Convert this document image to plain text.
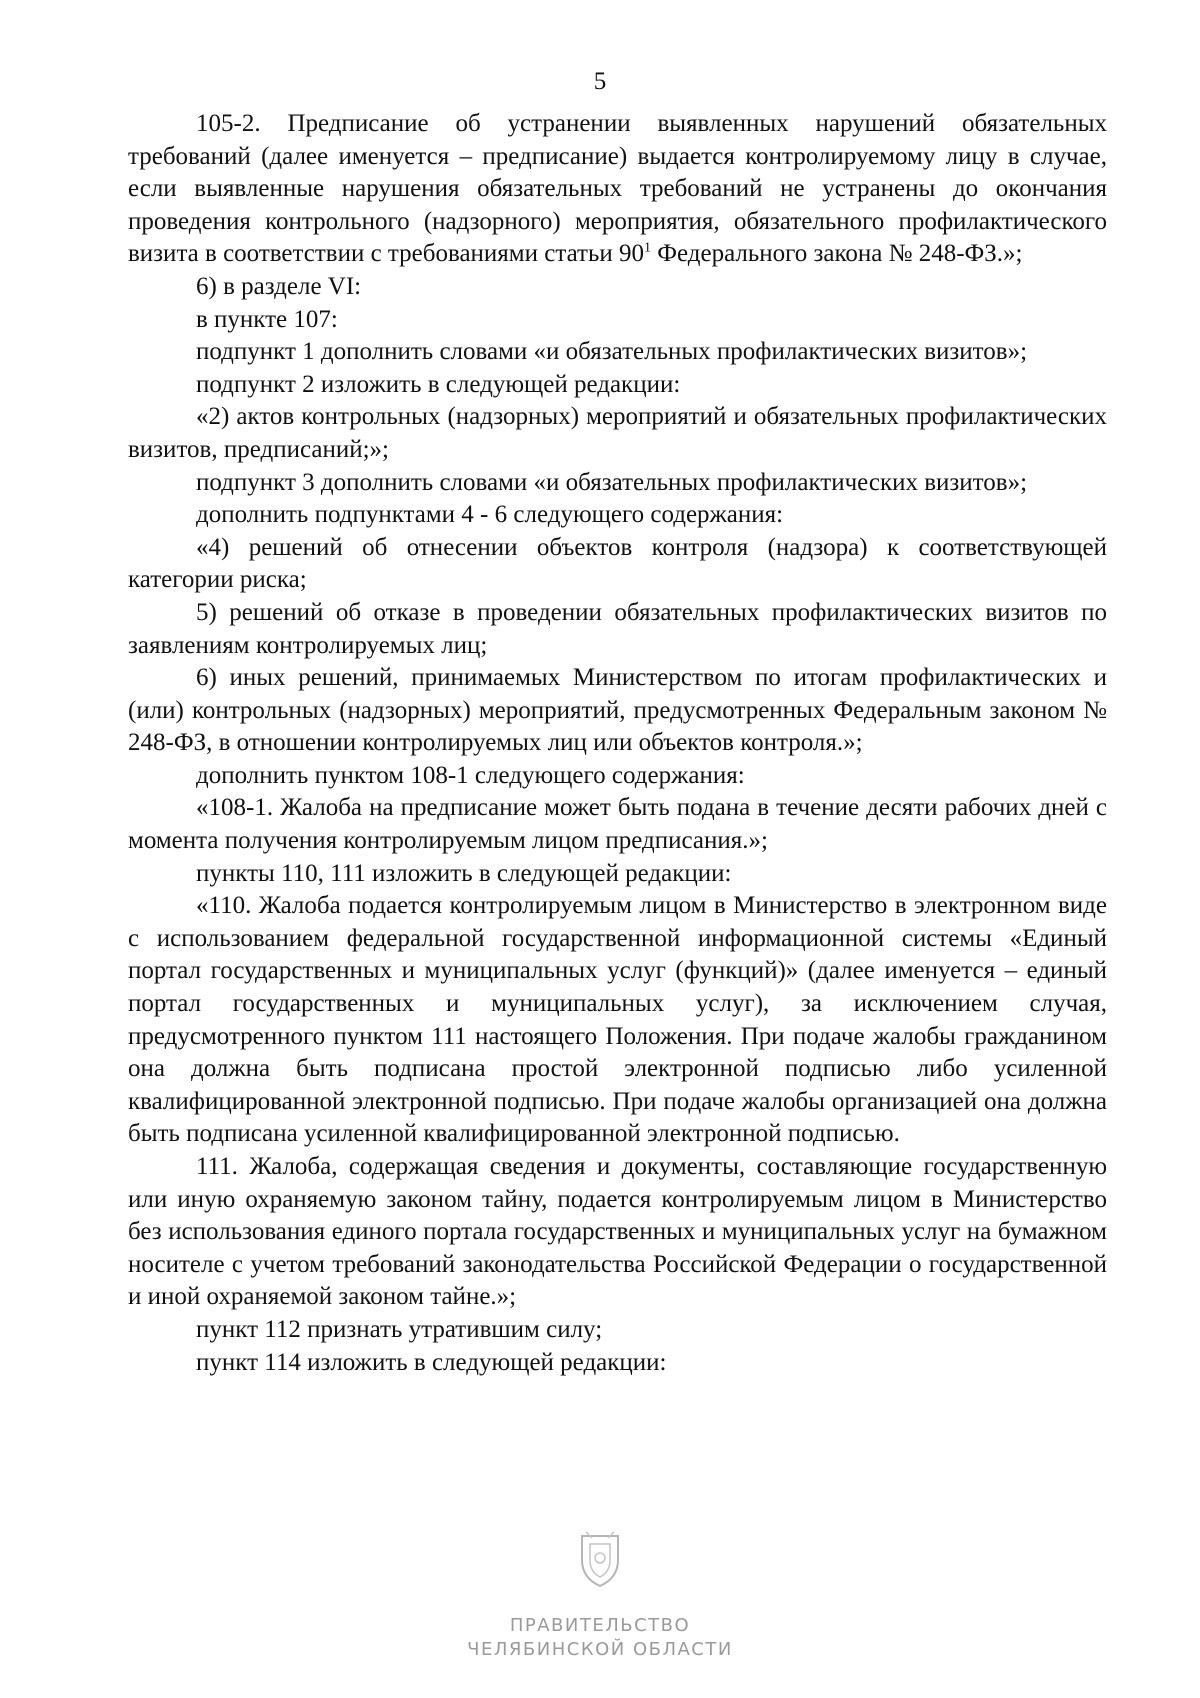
5

105-2. Предписание об устранении выявленных нарушений обязательных требований (далее именуется – предписание) выдается контролируемому лицу в случае, если выявленные нарушения обязательных требований не устранены до окончания проведения контрольного (надзорного) мероприятия, обязательного профилактического визита в соответствии с требованиями статьи $90^1$ Федерального закона № 248-ФЗ.»;

6) в разделе VI:

в пункте 107:

подпункт 1 дополнить словами «и обязательных профилактических визитов»;

подпункт 2 изложить в следующей редакции:

«2) актов контрольных (надзорных) мероприятий и обязательных профилактических визитов, предписаний;»;

подпункт 3 дополнить словами «и обязательных профилактических визитов»;

дополнить подпунктами 4 - 6 следующего содержания:

«4) решений об отнесении объектов контроля (надзора) к соответствующей категории риска;

5) решений об отказе в проведении обязательных профилактических визитов по заявлениям контролируемых лиц;

6) иных решений, принимаемых Министерством по итогам профилактических и (или) контрольных (надзорных) мероприятий, предусмотренных Федеральным законом № 248-ФЗ, в отношении контролируемых лиц или объектов контроля.»;

дополнить пунктом 108-1 следующего содержания:

«108-1. Жалоба на предписание может быть подана в течение десяти рабочих дней с момента получения контролируемым лицом предписания.»;

пункты 110, 111 изложить в следующей редакции:

«110. Жалоба подается контролируемым лицом в Министерство в электронном виде с использованием федеральной государственной информационной системы «Единый портал государственных и муниципальных услуг (функций)» (далее именуется – единый портал государственных и муниципальных услуг), за исключением случая, предусмотренного пунктом 111 настоящего Положения. При подаче жалобы гражданином она должна быть подписана простой электронной подписью либо усиленной квалифицированной электронной подписью. При подаче жалобы организацией она должна быть подписана усиленной квалифицированной электронной подписью.

111. Жалоба, содержащая сведения и документы, составляющие государственную или иную охраняемую законом тайну, подается контролируемым лицом в Министерство без использования единого портала государственных и муниципальных услуг на бумажном носителе с учетом требований законодательства Российской Федерации о государственной и иной охраняемой законом тайне.»;

пункт 112 признать утратившим силу;

пункт 114 изложить в следующей редакции:

ПРАВИТЕЛЬСТВО
ЧЕЛЯБИНСКОЙ ОБЛАСТИ
